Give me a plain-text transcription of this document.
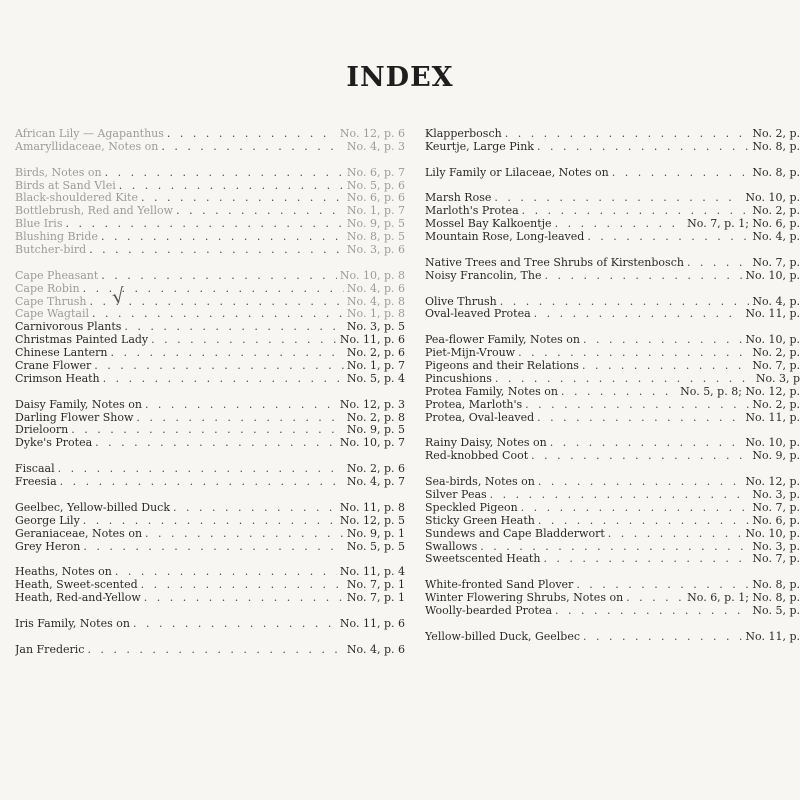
INDEX
African Lily — Agapanthus . . .	No. 12, p. 6
Amaryllidaceae, Notes on . . .	No. 4, p. 3
Birds, Notes on . . .	No. 6, p. 7
Birds at Sand Vlei . . .	No. 5, p. 6
Black-shouldered Kite . . .	No. 6, p. 6
Bottlebrush, Red and Yellow . . .	No. 1, p. 7
Blue Iris . . .	No. 9, p. 5
Blushing Bride . . .	No. 8, p. 5
Butcher-bird . . .	No. 3, p. 6
Cape Pheasant . . .	No. 10, p. 8
Cape Robin . . .	No. 4, p. 6
Cape Thrush . . .	No. 4, p. 8
Cape Wagtail . . .	No. 1, p. 8
Carnivorous Plants . . .	No. 3, p. 5
Christmas Painted Lady . . .	No. 11, p. 6
Chinese Lantern . . .	No. 2, p. 6
Crane Flower . . .	No. 1, p. 7
Crimson Heath . . .	No. 5, p. 4
Daisy Family, Notes on . . .	No. 12, p. 3
Darling Flower Show . . .	No. 2, p. 8
Drieloorn . . .	No. 9, p. 5
Dyke's Protea . . .	No. 10, p. 7
Fiscaal . . .	No. 2, p. 6
Freesia . . .	No. 4, p. 7
Geelbec, Yellow-billed Duck . . .	No. 11, p. 8
George Lily . . .	No. 12, p. 5
Geraniaceae, Notes on . . .	No. 9, p. 1
Grey Heron . . .	No. 5, p. 5
Heaths, Notes on . . .	No. 11, p. 4
Heath, Sweet-scented . . .	No. 7, p. 1
Heath, Red-and-Yellow . . .	No. 7, p. 1
Iris Family, Notes on . . .	No. 11, p. 6
Jan Frederic . . .	No. 4, p. 6
Klapperbosch . . .	No. 2, p.
Keurtje, Large Pink . . .	No. 8, p.
Lily Family or Lilaceae, Notes on . . .	No. 8, p.
Marsh Rose . . .	No. 10, p.
Marloth's Protea . . .	No. 2, p.
Mossel Bay Kalkoentje . . .	No. 7, p. 1; No. 6, p.
Mountain Rose, Long-leaved . . .	No. 4, p.
Native Trees and Tree Shrubs of Kirstenbosch . . .	No. 7, p.
Noisy Francolin, The . . .	No. 10, p.
Olive Thrush . . .	No. 4, p.
Oval-leaved Protea . . .	No. 11, p.
Pea-flower Family, Notes on . . .	No. 10, p.
Piet-Mijn-Vrouw . . .	No. 2, p.
Pigeons and their Relations . . .	No. 7, p.
Pincushions . . .	No. 3, p
Protea Family, Notes on . . .	No. 5, p. 8; No. 12, p.
Protea, Marloth's . . .	No. 2, p.
Protea, Oval-leaved . . .	No. 11, p.
Rainy Daisy, Notes on . . .	No. 10, p.
Red-knobbed Coot . . .	No. 9, p.
Sea-birds, Notes on . . .	No. 12, p.
Silver Peas . . .	No. 3, p.
Speckled Pigeon . . .	No. 7, p.
Sticky Green Heath . . .	No. 6, p.
Sundews and Cape Bladderwort . . .	No. 10, p.
Swallows . . .	No. 3, p.
Sweetscented Heath . . .	No. 7, p.
White-fronted Sand Plover . . .	No. 8, p.
Winter Flowering Shrubs, Notes on . . .	No. 6, p. 1; No. 8, p.
Woolly-bearded Protea . . .	No. 5, p.
Yellow-billed Duck, Geelbec . . .	No. 11, p.
√
